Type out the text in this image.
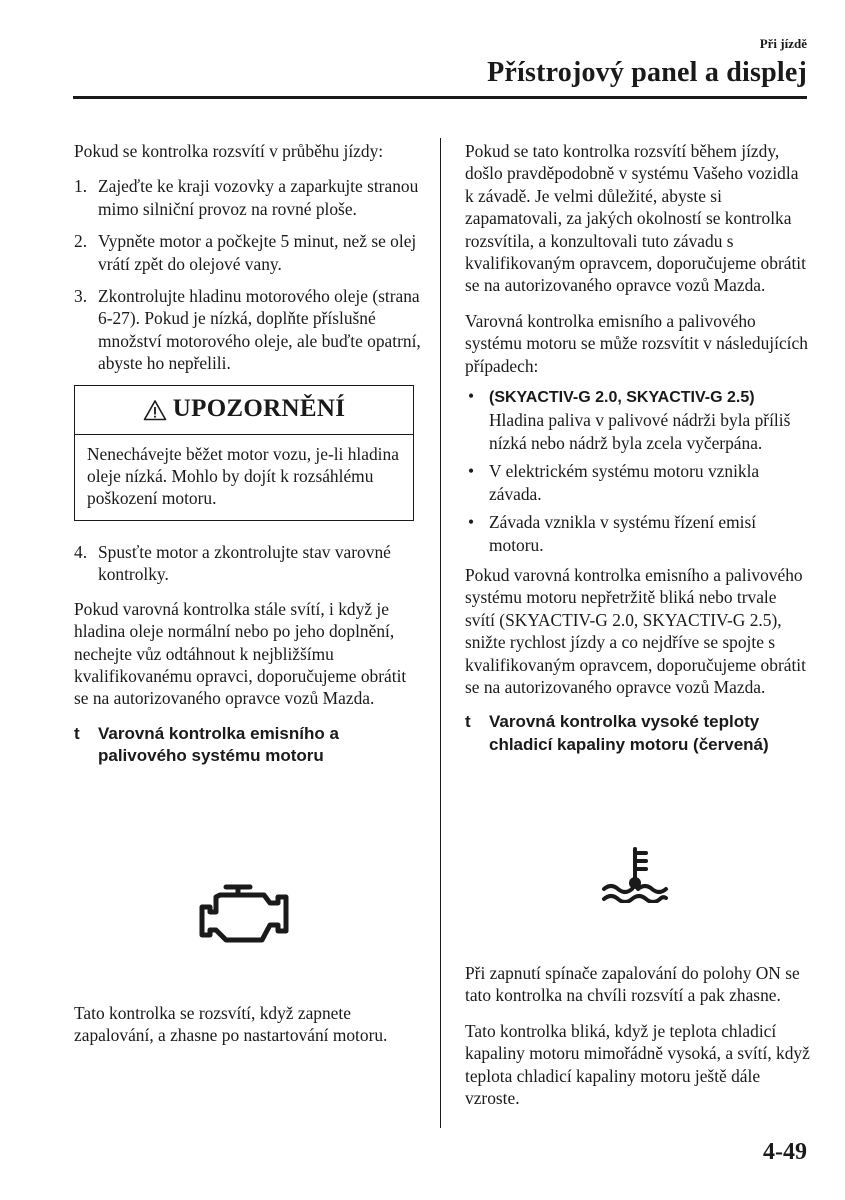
Při jízdě
Přístrojový panel a displej

Pokud se kontrolka rozsvítí v průběhu jízdy:

1. Zajeďte ke kraji vozovky a zaparkujte stranou mimo silniční provoz na rovné ploše.
2. Vypněte motor a počkejte 5 minut, než se olej vrátí zpět do olejové vany.
3. Zkontrolujte hladinu motorového oleje (strana 6-27). Pokud je nízká, doplňte příslušné množství motorového oleje, ale buďte opatrní, abyste ho nepřelili.
UPOZORNĚNÍ
Nenechávejte běžet motor vozu, je-li hladina oleje nízká. Mohlo by dojít k rozsáhlému poškození motoru.
4. Spusťte motor a zkontrolujte stav varovné kontrolky.

Pokud varovná kontrolka stále svítí, i když je hladina oleje normální nebo po jeho doplnění, nechejte vůz odtáhnout k nejbližšímu kvalifikovanému opravci, doporučujeme obrátit se na autorizovaného opravce vozů Mazda.

t Varovná kontrolka emisního a palivového systému motoru

Tato kontrolka se rozsvítí, když zapnete zapalování, a zhasne po nastartování motoru.

Pokud se tato kontrolka rozsvítí během jízdy, došlo pravděpodobně v systému Vašeho vozidla k závadě. Je velmi důležité, abyste si zapamatovali, za jakých okolností se kontrolka rozsvítila, a konzultovali tuto závadu s kvalifikovaným opravcem, doporučujeme obrátit se na autorizovaného opravce vozů Mazda.

Varovná kontrolka emisního a palivového systému motoru se může rozsvítit v následujících případech:

• (SKYACTIV-G 2.0, SKYACTIV-G 2.5)
Hladina paliva v palivové nádrži byla příliš nízká nebo nádrž byla zcela vyčerpána.
• V elektrickém systému motoru vznikla závada.
• Závada vznikla v systému řízení emisí motoru.

Pokud varovná kontrolka emisního a palivového systému motoru nepřetržitě bliká nebo trvale svítí (SKYACTIV-G 2.0, SKYACTIV-G 2.5), snižte rychlost jízdy a co nejdříve se spojte s kvalifikovaným opravcem, doporučujeme obrátit se na autorizovaného opravce vozů Mazda.

t Varovná kontrolka vysoké teploty chladicí kapaliny motoru (červená)

Při zapnutí spínače zapalování do polohy ON se tato kontrolka na chvíli rozsvítí a pak zhasne.

Tato kontrolka bliká, když je teplota chladicí kapaliny motoru mimořádně vysoká, a svítí, když teplota chladicí kapaliny motoru ještě dále vzroste.

4-49
